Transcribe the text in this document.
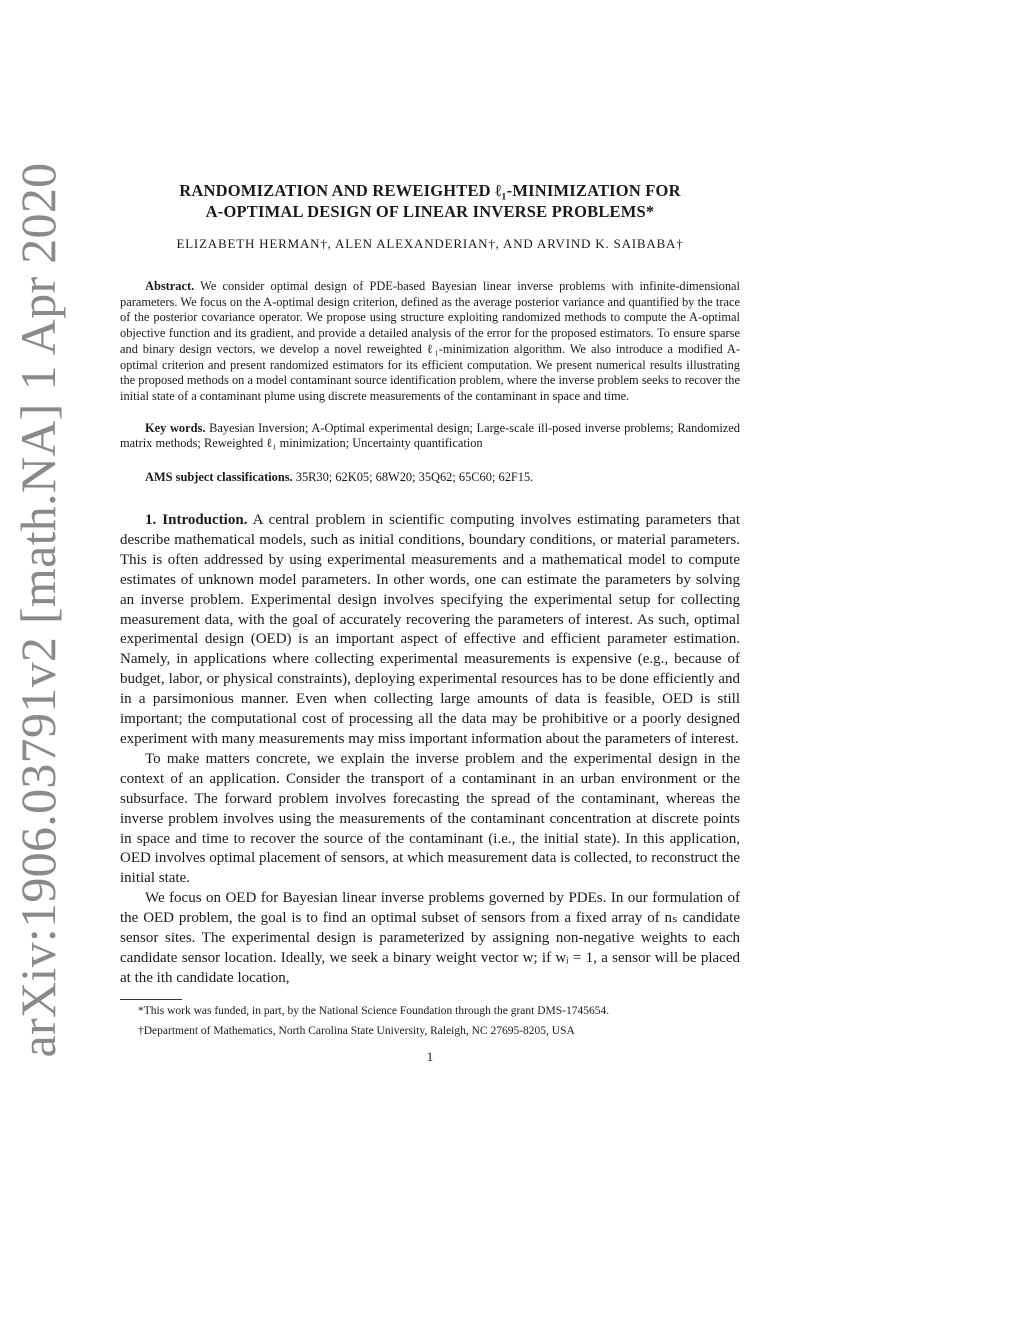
arXiv:1906.03791v2 [math.NA] 1 Apr 2020	RANDOMIZATION AND REWEIGHTED ℓ₁-MINIMIZATION FOR
A-OPTIMAL DESIGN OF LINEAR INVERSE PROBLEMS*

ELIZABETH HERMAN†, ALEN ALEXANDERIAN†, AND ARVIND K. SAIBABA†

Abstract. We consider optimal design of PDE-based Bayesian linear inverse problems with infinite-dimensional parameters. We focus on the A-optimal design criterion, defined as the average posterior variance and quantified by the trace of the posterior covariance operator. We propose using structure exploiting randomized methods to compute the A-optimal objective function and its gradient, and provide a detailed analysis of the error for the proposed estimators. To ensure sparse and binary design vectors, we develop a novel reweighted ℓ₁-minimization algorithm. We also introduce a modified A-optimal criterion and present randomized estimators for its efficient computation. We present numerical results illustrating the proposed methods on a model contaminant source identification problem, where the inverse problem seeks to recover the initial state of a contaminant plume using discrete measurements of the contaminant in space and time.

Key words. Bayesian Inversion; A-Optimal experimental design; Large-scale ill-posed inverse problems; Randomized matrix methods; Reweighted ℓ₁ minimization; Uncertainty quantification

AMS subject classifications. 35R30; 62K05; 68W20; 35Q62; 65C60; 62F15.

1. Introduction. A central problem in scientific computing involves estimating parameters that describe mathematical models, such as initial conditions, boundary conditions, or material parameters. This is often addressed by using experimental measurements and a mathematical model to compute estimates of unknown model parameters. In other words, one can estimate the parameters by solving an inverse problem. Experimental design involves specifying the experimental setup for collecting measurement data, with the goal of accurately recovering the parameters of interest. As such, optimal experimental design (OED) is an important aspect of effective and efficient parameter estimation. Namely, in applications where collecting experimental measurements is expensive (e.g., because of budget, labor, or physical constraints), deploying experimental resources has to be done efficiently and in a parsimonious manner. Even when collecting large amounts of data is feasible, OED is still important; the computational cost of processing all the data may be prohibitive or a poorly designed experiment with many measurements may miss important information about the parameters of interest.

To make matters concrete, we explain the inverse problem and the experimental design in the context of an application. Consider the transport of a contaminant in an urban environment or the subsurface. The forward problem involves forecasting the spread of the contaminant, whereas the inverse problem involves using the measurements of the contaminant concentration at discrete points in space and time to recover the source of the contaminant (i.e., the initial state). In this application, OED involves optimal placement of sensors, at which measurement data is collected, to reconstruct the initial state.

We focus on OED for Bayesian linear inverse problems governed by PDEs. In our formulation of the OED problem, the goal is to find an optimal subset of sensors from a fixed array of nₛ candidate sensor sites. The experimental design is parameterized by assigning non-negative weights to each candidate sensor location. Ideally, we seek a binary weight vector w; if wᵢ = 1, a sensor will be placed at the ith candidate location,

*This work was funded, in part, by the National Science Foundation through the grant DMS-1745654.

†Department of Mathematics, North Carolina State University, Raleigh, NC 27695-8205, USA

1
